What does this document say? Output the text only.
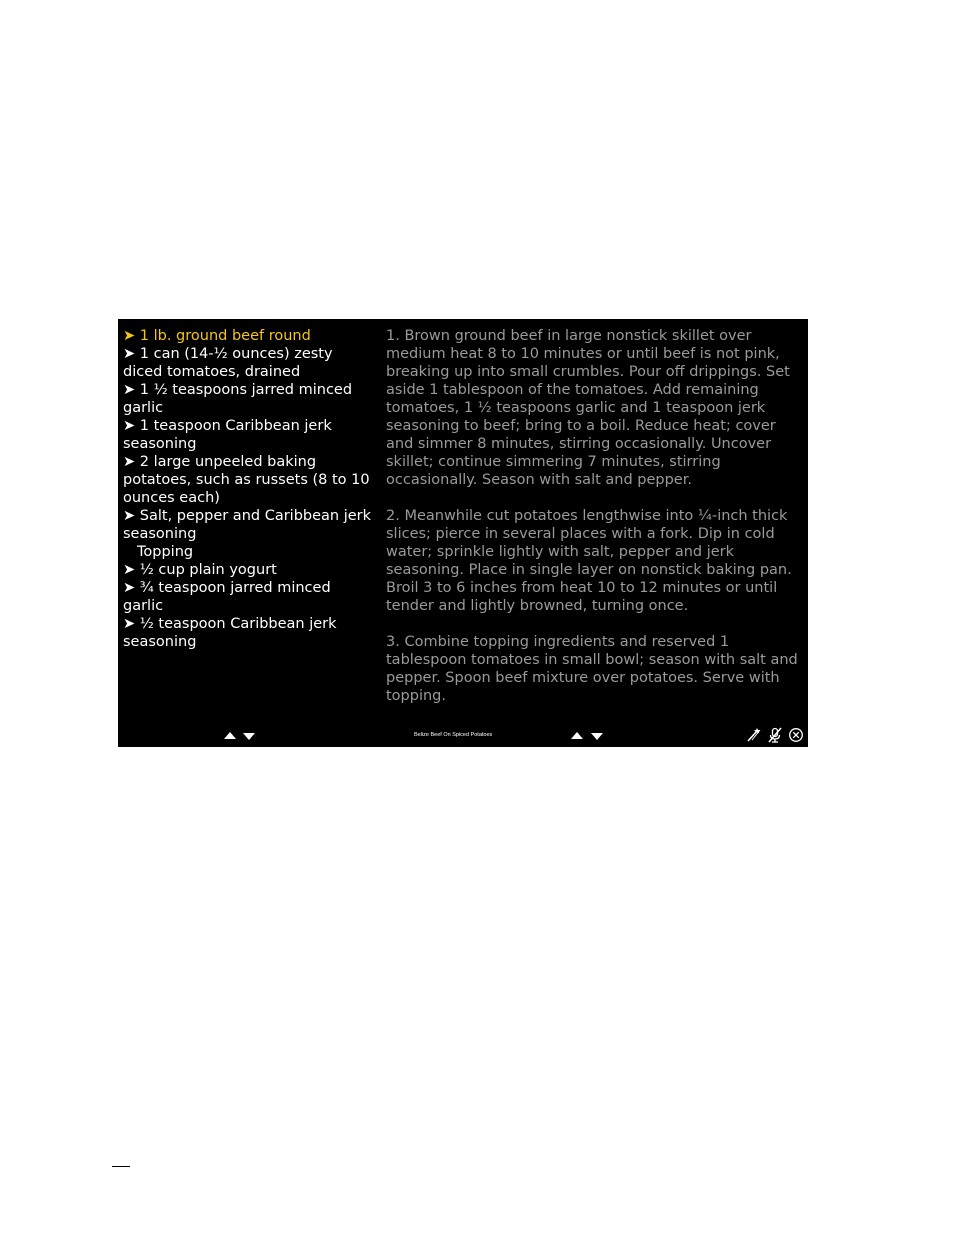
➤ 1 lb. ground beef round
➤ 1 can (14-½ ounces) zesty diced tomatoes, drained
➤ 1 ½ teaspoons jarred minced garlic
➤ 1 teaspoon Caribbean jerk seasoning
➤ 2 large unpeeled baking potatoes, such as russets (8 to 10 ounces each)
➤ Salt, pepper and Caribbean jerk seasoning
Topping
➤ ½ cup plain yogurt
➤ ¾ teaspoon jarred minced garlic
➤ ½ teaspoon Caribbean jerk seasoning

1. Brown ground beef in large nonstick skillet over medium heat 8 to 10 minutes or until beef is not pink, breaking up into small crumbles. Pour off drippings. Set aside 1 tablespoon of the tomatoes. Add remaining tomatoes, 1 ½ teaspoons garlic and 1 teaspoon jerk seasoning to beef; bring to a boil. Reduce heat; cover and simmer 8 minutes, stirring occasionally. Uncover skillet; continue simmering 7 minutes, stirring occasionally. Season with salt and pepper.

2. Meanwhile cut potatoes lengthwise into ¼-inch thick slices; pierce in several places with a fork. Dip in cold water; sprinkle lightly with salt, pepper and jerk seasoning. Place in single layer on nonstick baking pan. Broil 3 to 6 inches from heat 10 to 12 minutes or until tender and lightly browned, turning once.

3. Combine topping ingredients and reserved 1 tablespoon tomatoes in small bowl; season with salt and pepper. Spoon beef mixture over potatoes. Serve with topping.

Belize Beef On Spiced Potatoes
